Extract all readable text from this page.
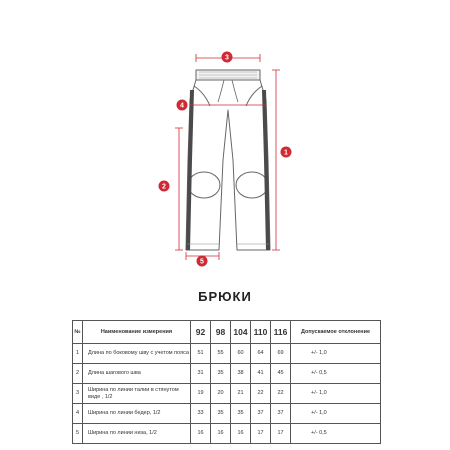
1
2
3
4
5
БРЮКИ
№	Наименование измерения	92	98	104	110	116	Допускаемое отклонение
1	Длина по боковому шву с учетом пояса	51	55	60	64	69	+/- 1,0
2	Длина шагового шва	31	35	38	41	45	+/- 0,5
3	Ширина по линии талии в стянутом виде , 1/2	19	20	21	22	22	+/- 1,0
4	Ширина по линии бедер, 1/2	33	35	35	37	37	+/- 1,0
5	Ширина по линии низа, 1/2	16	16	16	17	17	+/- 0,5
